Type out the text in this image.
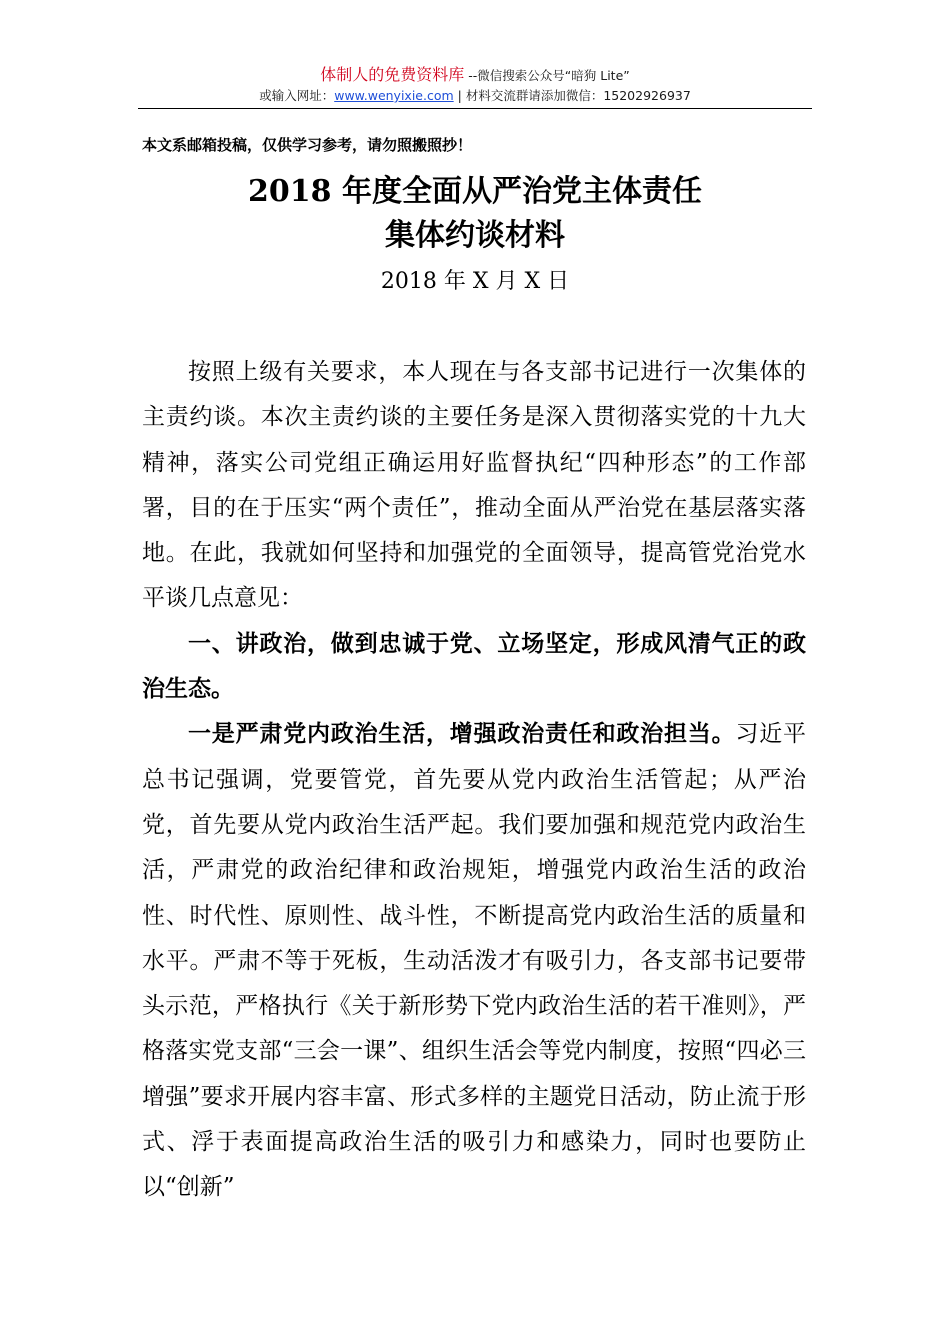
体制人的免费资料库 --微信搜索公众号“暗狗 Lite”
或输入网址：www.wenyixie.com | 材料交流群请添加微信：15202926937
本文系邮箱投稿，仅供学习参考，请勿照搬照抄！
2018 年度全面从严治党主体责任
集体约谈材料
2018 年 X 月 X 日

按照上级有关要求，本人现在与各支部书记进行一次集体的主责约谈。本次主责约谈的主要任务是深入贯彻落实党的十九大精神，落实公司党组正确运用好监督执纪“四种形态”的工作部署，目的在于压实“两个责任”，推动全面从严治党在基层落实落地。在此，我就如何坚持和加强党的全面领导，提高管党治党水平谈几点意见：

一、讲政治，做到忠诚于党、立场坚定，形成风清气正的政治生态。

一是严肃党内政治生活，增强政治责任和政治担当。习近平总书记强调，党要管党，首先要从党内政治生活管起；从严治党，首先要从党内政治生活严起。我们要加强和规范党内政治生活，严肃党的政治纪律和政治规矩，增强党内政治生活的政治性、时代性、原则性、战斗性，不断提高党内政治生活的质量和水平。严肃不等于死板，生动活泼才有吸引力，各支部书记要带头示范，严格执行《关于新形势下党内政治生活的若干准则》，严格落实党支部“三会一课”、组织生活会等党内制度，按照“四必三增强”要求开展内容丰富、形式多样的主题党日活动，防止流于形式、浮于表面提高政治生活的吸引力和感染力，同时也要防止以“创新”
